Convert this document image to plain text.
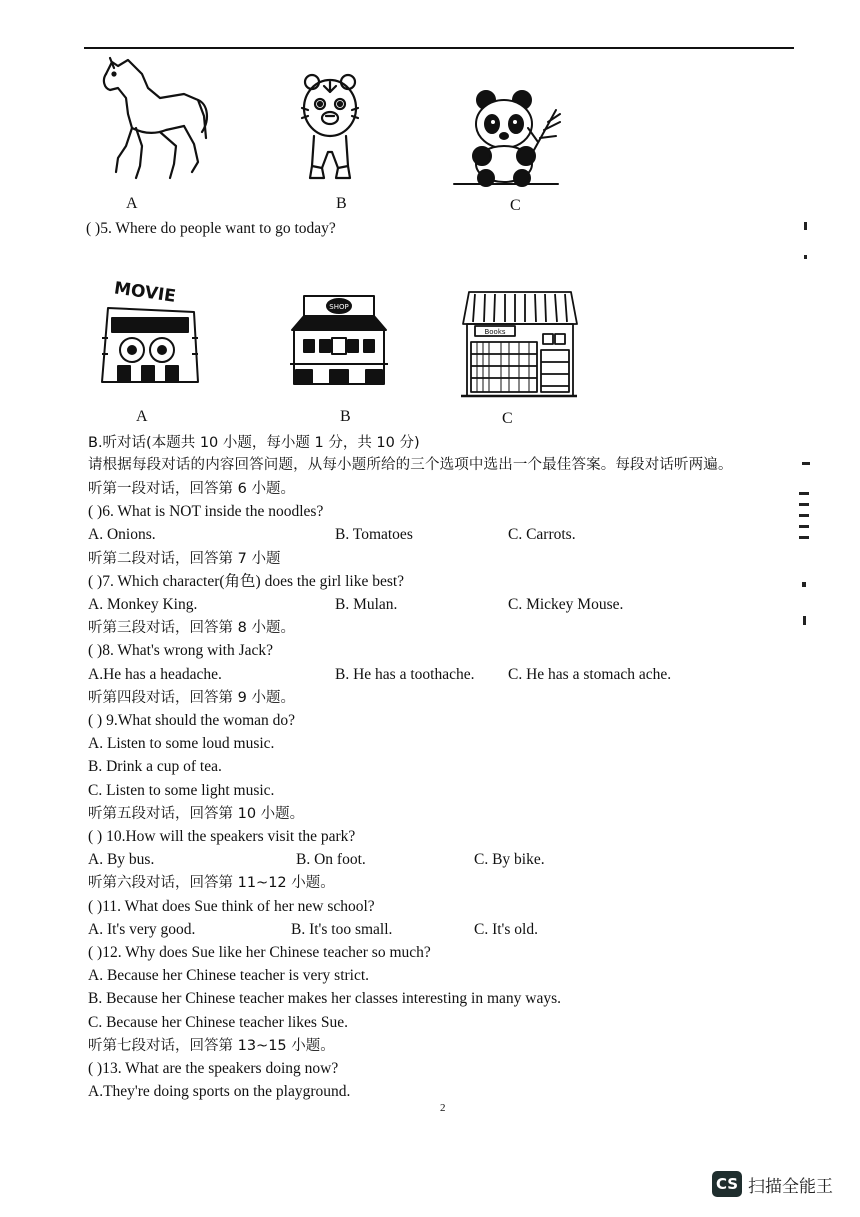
A	B	C
( )5. Where do people want to go today?
MOVIE
A
SHOP
B
Books
C
B.听对话(本题共 10 小题，每小题 1 分，共 10 分)
请根据每段对话的内容回答问题，从每小题所给的三个选项中选出一个最佳答案。每段对话听两遍。
听第一段对话，回答第 6 小题。
( )6. What is NOT inside the noodles?
A. Onions.	B. Tomatoes	C. Carrots.
听第二段对话，回答第 7 小题
( )7. Which character(角色) does the girl like best?
A. Monkey King.	B. Mulan.	C. Mickey Mouse.
听第三段对话，回答第 8 小题。
( )8. What's wrong with Jack?
A.He has a headache.	B. He has a toothache. C. He has a stomach ache.
听第四段对话，回答第 9 小题。
( ) 9.What should the woman do?
A. Listen to some loud music.
B. Drink a cup of tea.
C. Listen to some light music.
听第五段对话，回答第 10 小题。
( ) 10.How will the speakers visit the park?
A. By bus.	B. On foot.	C. By bike.
听第六段对话，回答第 11~12 小题。
( )11. What does Sue think of her new school?
A. It's very good.	B. It's too small.	C. It's old.
( )12. Why does Sue like her Chinese teacher so much?
A. Because her Chinese teacher is very strict.
B. Because her Chinese teacher makes her classes interesting in many ways.
C. Because her Chinese teacher likes Sue.
听第七段对话，回答第 13~15 小题。
( )13. What are the speakers doing now?
A.They're doing sports on the playground.
2
CS 扫描全能王
